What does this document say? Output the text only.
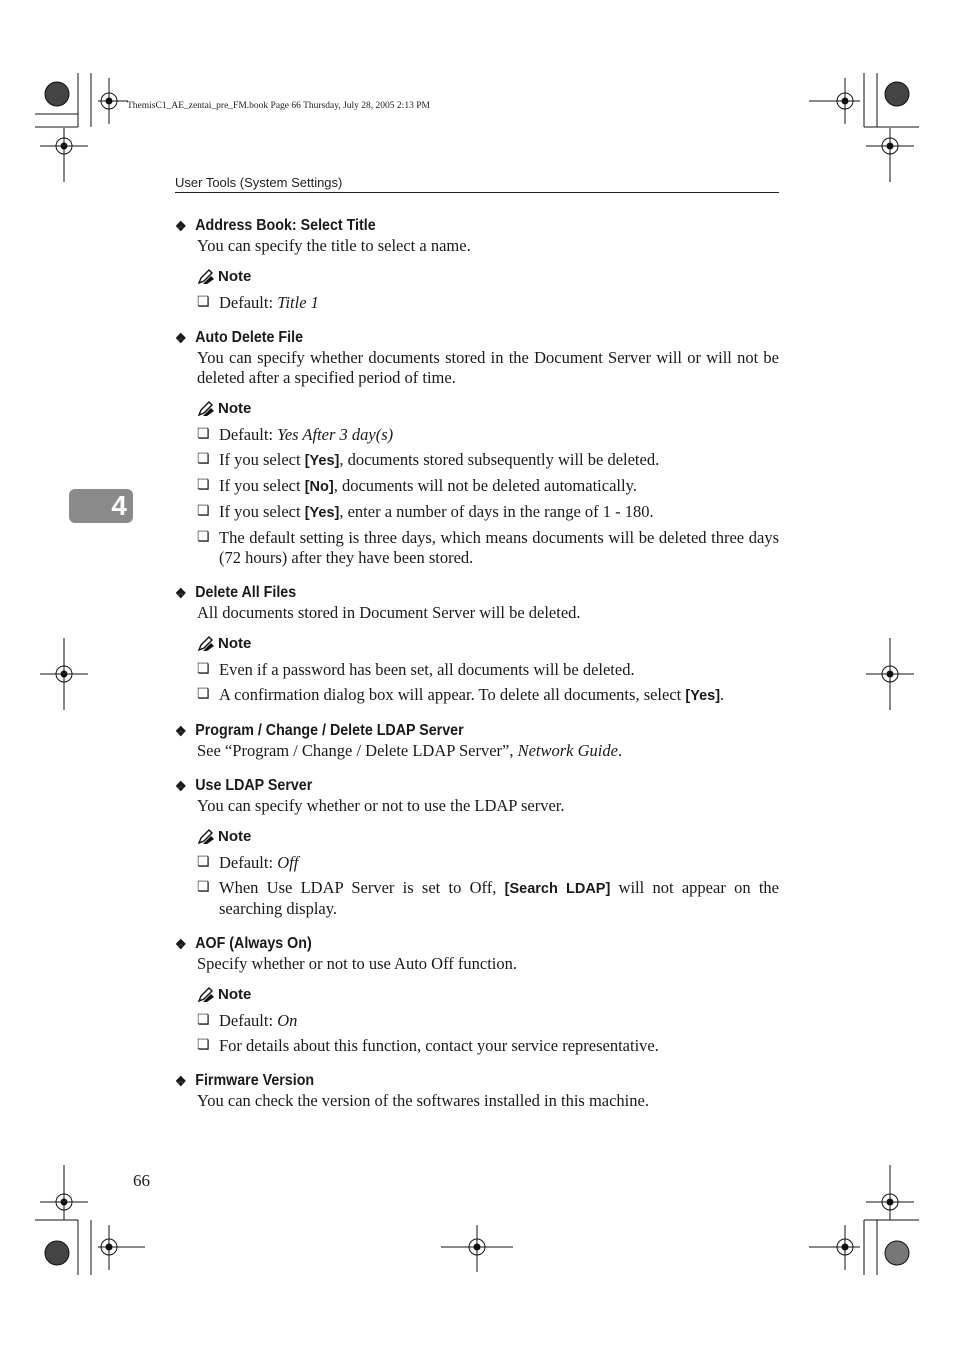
ThemisC1_AE_zentai_pre_FM.book Page 66 Thursday, July 28, 2005 2:13 PM
User Tools (System Settings)
4
❖ Address Book: Select Title
You can specify the title to select a name.
Note
❏ Default: Title 1
❖ Auto Delete File
You can specify whether documents stored in the Document Server will or will not be deleted after a specified period of time.
Note
❏ Default: Yes After 3 day(s)
❏ If you select [Yes], documents stored subsequently will be deleted.
❏ If you select [No], documents will not be deleted automatically.
❏ If you select [Yes], enter a number of days in the range of 1 - 180.
❏ The default setting is three days, which means documents will be deleted three days (72 hours) after they have been stored.
❖ Delete All Files
All documents stored in Document Server will be deleted.
Note
❏ Even if a password has been set, all documents will be deleted.
❏ A confirmation dialog box will appear. To delete all documents, select [Yes].
❖ Program / Change / Delete LDAP Server
See “Program / Change / Delete LDAP Server”, Network Guide.
❖ Use LDAP Server
You can specify whether or not to use the LDAP server.
Note
❏ Default: Off
❏ When Use LDAP Server is set to Off, [Search LDAP] will not appear on the searching display.
❖ AOF (Always On)
Specify whether or not to use Auto Off function.
Note
❏ Default: On
❏ For details about this function, contact your service representative.
❖ Firmware Version
You can check the version of the softwares installed in this machine.
66
